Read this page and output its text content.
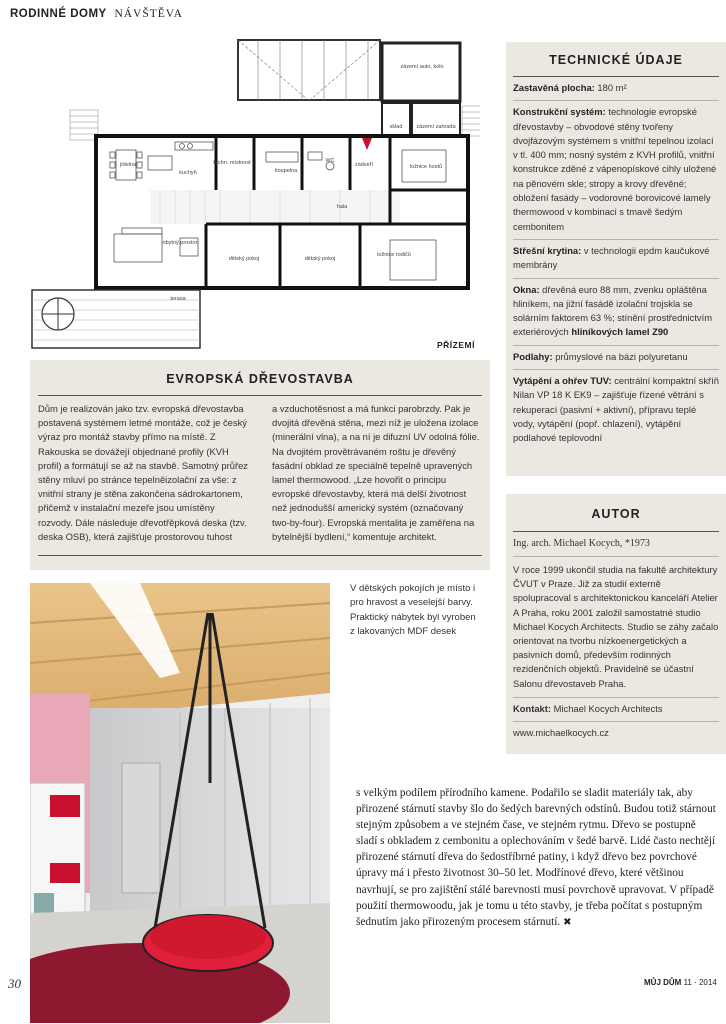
RODINNÉ DOMY NÁVŠTĚVA
zázemí auto, kolo
sklad	zázemí zahrada
jídelna
kuchyň
techn. místnost
koupelna
WC
zádveří	ložnice hostů
hala
obytný prostor
dětský pokoj	dětský pokoj
ložnice rodičů
terasa
PŘÍZEMÍ
TECHNICKÉ ÚDAJE
Zastavěná plocha: 180 m²
Konstrukční systém: technologie evropské dřevostavby – obvodové stěny tvořeny dvojfázovým systémem s vnitřní tepelnou izolací v tl. 400 mm; nosný systém z KVH profilů, vnitřní konstrukce zděné z vápenopískové cihly uložené na pěnovém skle; stropy a krovy dřevěné; obložení fasády – vodorovné borovicové lamely thermowood v kombinaci s tmavě šedým cembonitem
Střešní krytina: v technologii epdm kaučukové membrány
Okna: dřevěná euro 88 mm, zvenku opláštěna hliníkem, na jižní fasádě izolační trojskla se solárním faktorem 63 %; stínění prostřednictvím exteriérových hliníkových lamel Z90
Podlahy: průmyslové na bázi polyuretanu
Vytápění a ohřev TUV: centrální kompaktní skříň Nilan VP 18 K EK9 – zajišťuje řízené větrání s rekuperací (pasivní + aktivní), přípravu teplé vody, vytápění (popř. chlazení), vytápění podlahové teplovodní
EVROPSKÁ DŘEVOSTAVBA
Dům je realizován jako tzv. evropská dřevostavba postavená systémem letmé montáže, což je český výraz pro montáž stavby přímo na místě. Z Rakouska se dovážejí objednané profily (KVH profil) a formátují se až na stavbě. Samotný průřez stěny mluví po stránce tepelněizolační za vše: z vnitřní strany je stěna zakončena sádrokartonem, přičemž v instalační mezeře jsou umístěny rozvody. Dále následuje dřevotřěpková deska (tzv. deska OSB), která zajišťuje prostorovou tuhost
a vzduchotěsnost a má funkci parobrzdy. Pak je dvojitá dřevěná stěna, mezi níž je uložena izolace (minerální vlna), a na ní je difuzní UV odolná fólie. Na dvojitém provětrávaném roštu je dřevěný fasádní obklad ze speciálně tepelně upravených lamel thermowood. „Lze hovořit o principu evropské dřevostavby, která má delší životnost než jednodušší americký systém (označovaný two-by-four). Evropská mentalita je zaměřena na bytelnější bydlení,“ komentuje architekt.
AUTOR
Ing. arch. Michael Kocych, *1973
V roce 1999 ukončil studia na fakultě architektury ČVUT v Praze. Již za studií externě spolupracoval s architektonickou kanceláří Atelier A Praha, roku 2001 založil samostatné studio Michael Kocych Architects. Studio se záhy začalo orientovat na tvorbu nízkoenergetických a pasivních domů, především rodinných rezidenčních objektů. Pravidelně se účastní Salonu dřevostaveb Praha.
Kontakt: Michael Kocych Architects
www.michaelkocych.cz
V dětských pokojích je místo i pro hravost a veselejší barvy. Praktický nábytek byl vyroben z lakovaných MDF desek
s velkým podílem přírodního kamene. Podařilo se sladit materiály tak, aby přirozené stárnutí stavby šlo do šedých barevných odstínů. Budou totiž stárnout stejným způsobem a ve stejném čase, ve stejném rytmu. Dřevo se postupně sladí s obkladem z cembonitu a oplechováním v šedé barvě. Lidé často nechtějí přirozené stárnutí dřeva do šedostříbrné patiny, i když dřevo bez povrchové úpravy má i přesto životnost 30–50 let. Modřínové dřevo, které většinou navrhují, se pro zajištění stálé barevnosti musí povrchově upravovat. V případě použití thermowoodu, jak je tomu u této stavby, je třeba počítat s postupným šednutím jako přirozeným procesem stárnutí. ✖
30	MŮJ DŮM 11 · 2014
